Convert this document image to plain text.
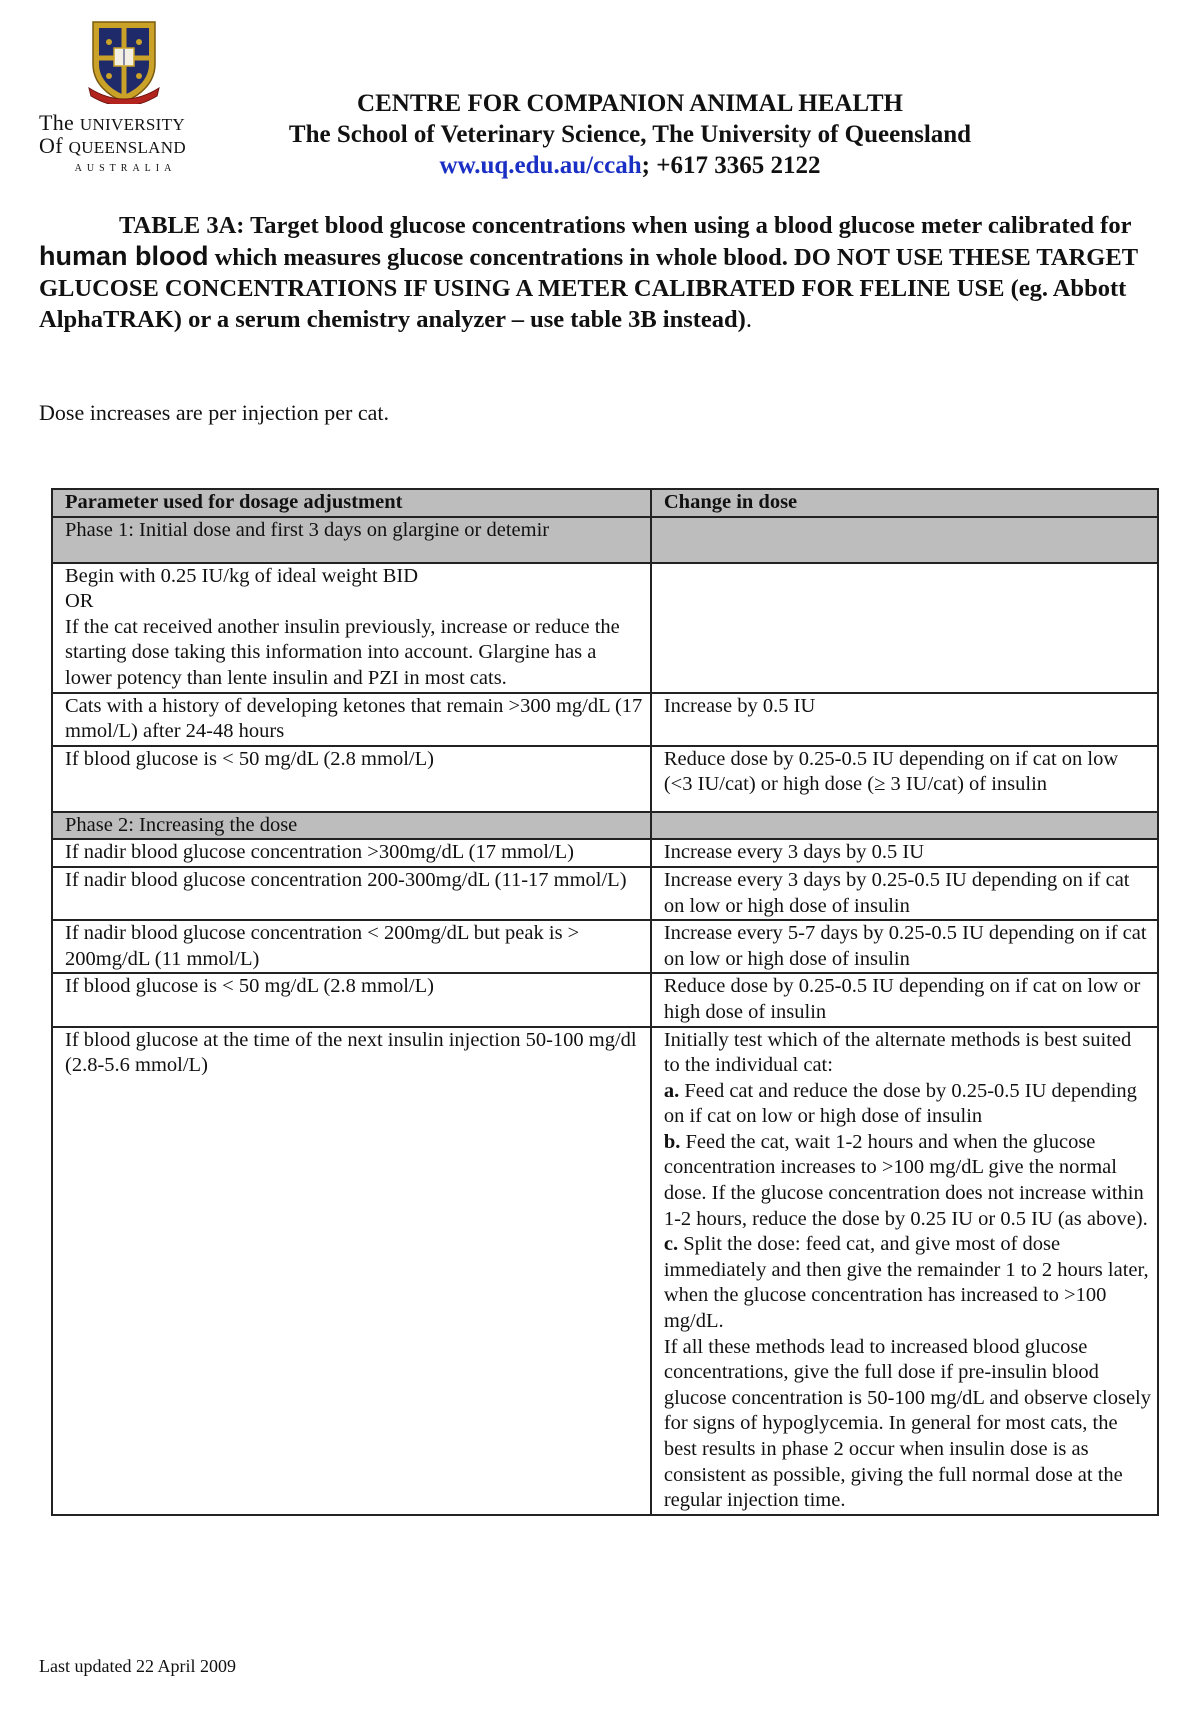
The UNIVERSITY
Of QUEENSLAND
AUSTRALIA
CENTRE FOR COMPANION ANIMAL HEALTH
The School of Veterinary Science, The University of Queensland
ww.uq.edu.au/ccah; +617 3365 2122
TABLE 3A: Target blood glucose concentrations when using a blood glucose meter calibrated for human blood which measures glucose concentrations in whole blood. DO NOT USE THESE TARGET GLUCOSE CONCENTRATIONS IF USING A METER CALIBRATED FOR FELINE USE (eg. Abbott AlphaTRAK) or a serum chemistry analyzer – use table 3B instead).
Dose increases are per injection per cat.
Parameter used for dosage adjustment	Change in dose
Phase 1: Initial dose and first 3 days on glargine or detemir	

Begin with 0.25 IU/kg of ideal weight BID
OR
If the cat received another insulin previously, increase or reduce the starting dose taking this information into account. Glargine has a lower potency than lente insulin and PZI in most cats.	

Cats with a history of developing ketones that remain >300 mg/dL (17 mmol/L) after 24-48 hours	Increase by 0.5 IU
If blood glucose is < 50 mg/dL (2.8 mmol/L)	Reduce dose by 0.25-0.5 IU depending on if cat on low (<3 IU/cat) or high dose (≥ 3 IU/cat) of insulin
Phase 2: Increasing the dose	
If nadir blood glucose concentration >300mg/dL (17 mmol/L)	Increase every 3 days by 0.5 IU
If nadir blood glucose concentration 200-300mg/dL (11-17 mmol/L)	Increase every 3 days by 0.25-0.5 IU depending on if cat on low or high dose of insulin
If nadir blood glucose concentration < 200mg/dL but peak is > 200mg/dL (11 mmol/L)	Increase every 5-7 days by 0.25-0.5 IU depending on if cat on low or high dose of insulin
If blood glucose is < 50 mg/dL (2.8 mmol/L)	Reduce dose by 0.25-0.5 IU depending on if cat on low or high dose of insulin
If blood glucose at the time of the next insulin injection 50-100 mg/dl (2.8-5.6 mmol/L)	Initially test which of the alternate methods is best suited to the individual cat:
a. Feed cat and reduce the dose by 0.25-0.5 IU depending on if cat on low or high dose of insulin
b. Feed the cat, wait 1-2 hours and when the glucose concentration increases to >100 mg/dL give the normal dose. If the glucose concentration does not increase within 1-2 hours, reduce the dose by 0.25 IU or 0.5 IU (as above).
c. Split the dose: feed cat, and give most of dose immediately and then give the remainder 1 to 2 hours later, when the glucose concentration has increased to >100 mg/dL.
If all these methods lead to increased blood glucose concentrations, give the full dose if pre-insulin blood glucose concentration is 50-100 mg/dL and observe closely for signs of hypoglycemia. In general for most cats, the best results in phase 2 occur when insulin dose is as consistent as possible, giving the full normal dose at the regular injection time.
Last updated 22 April 2009
